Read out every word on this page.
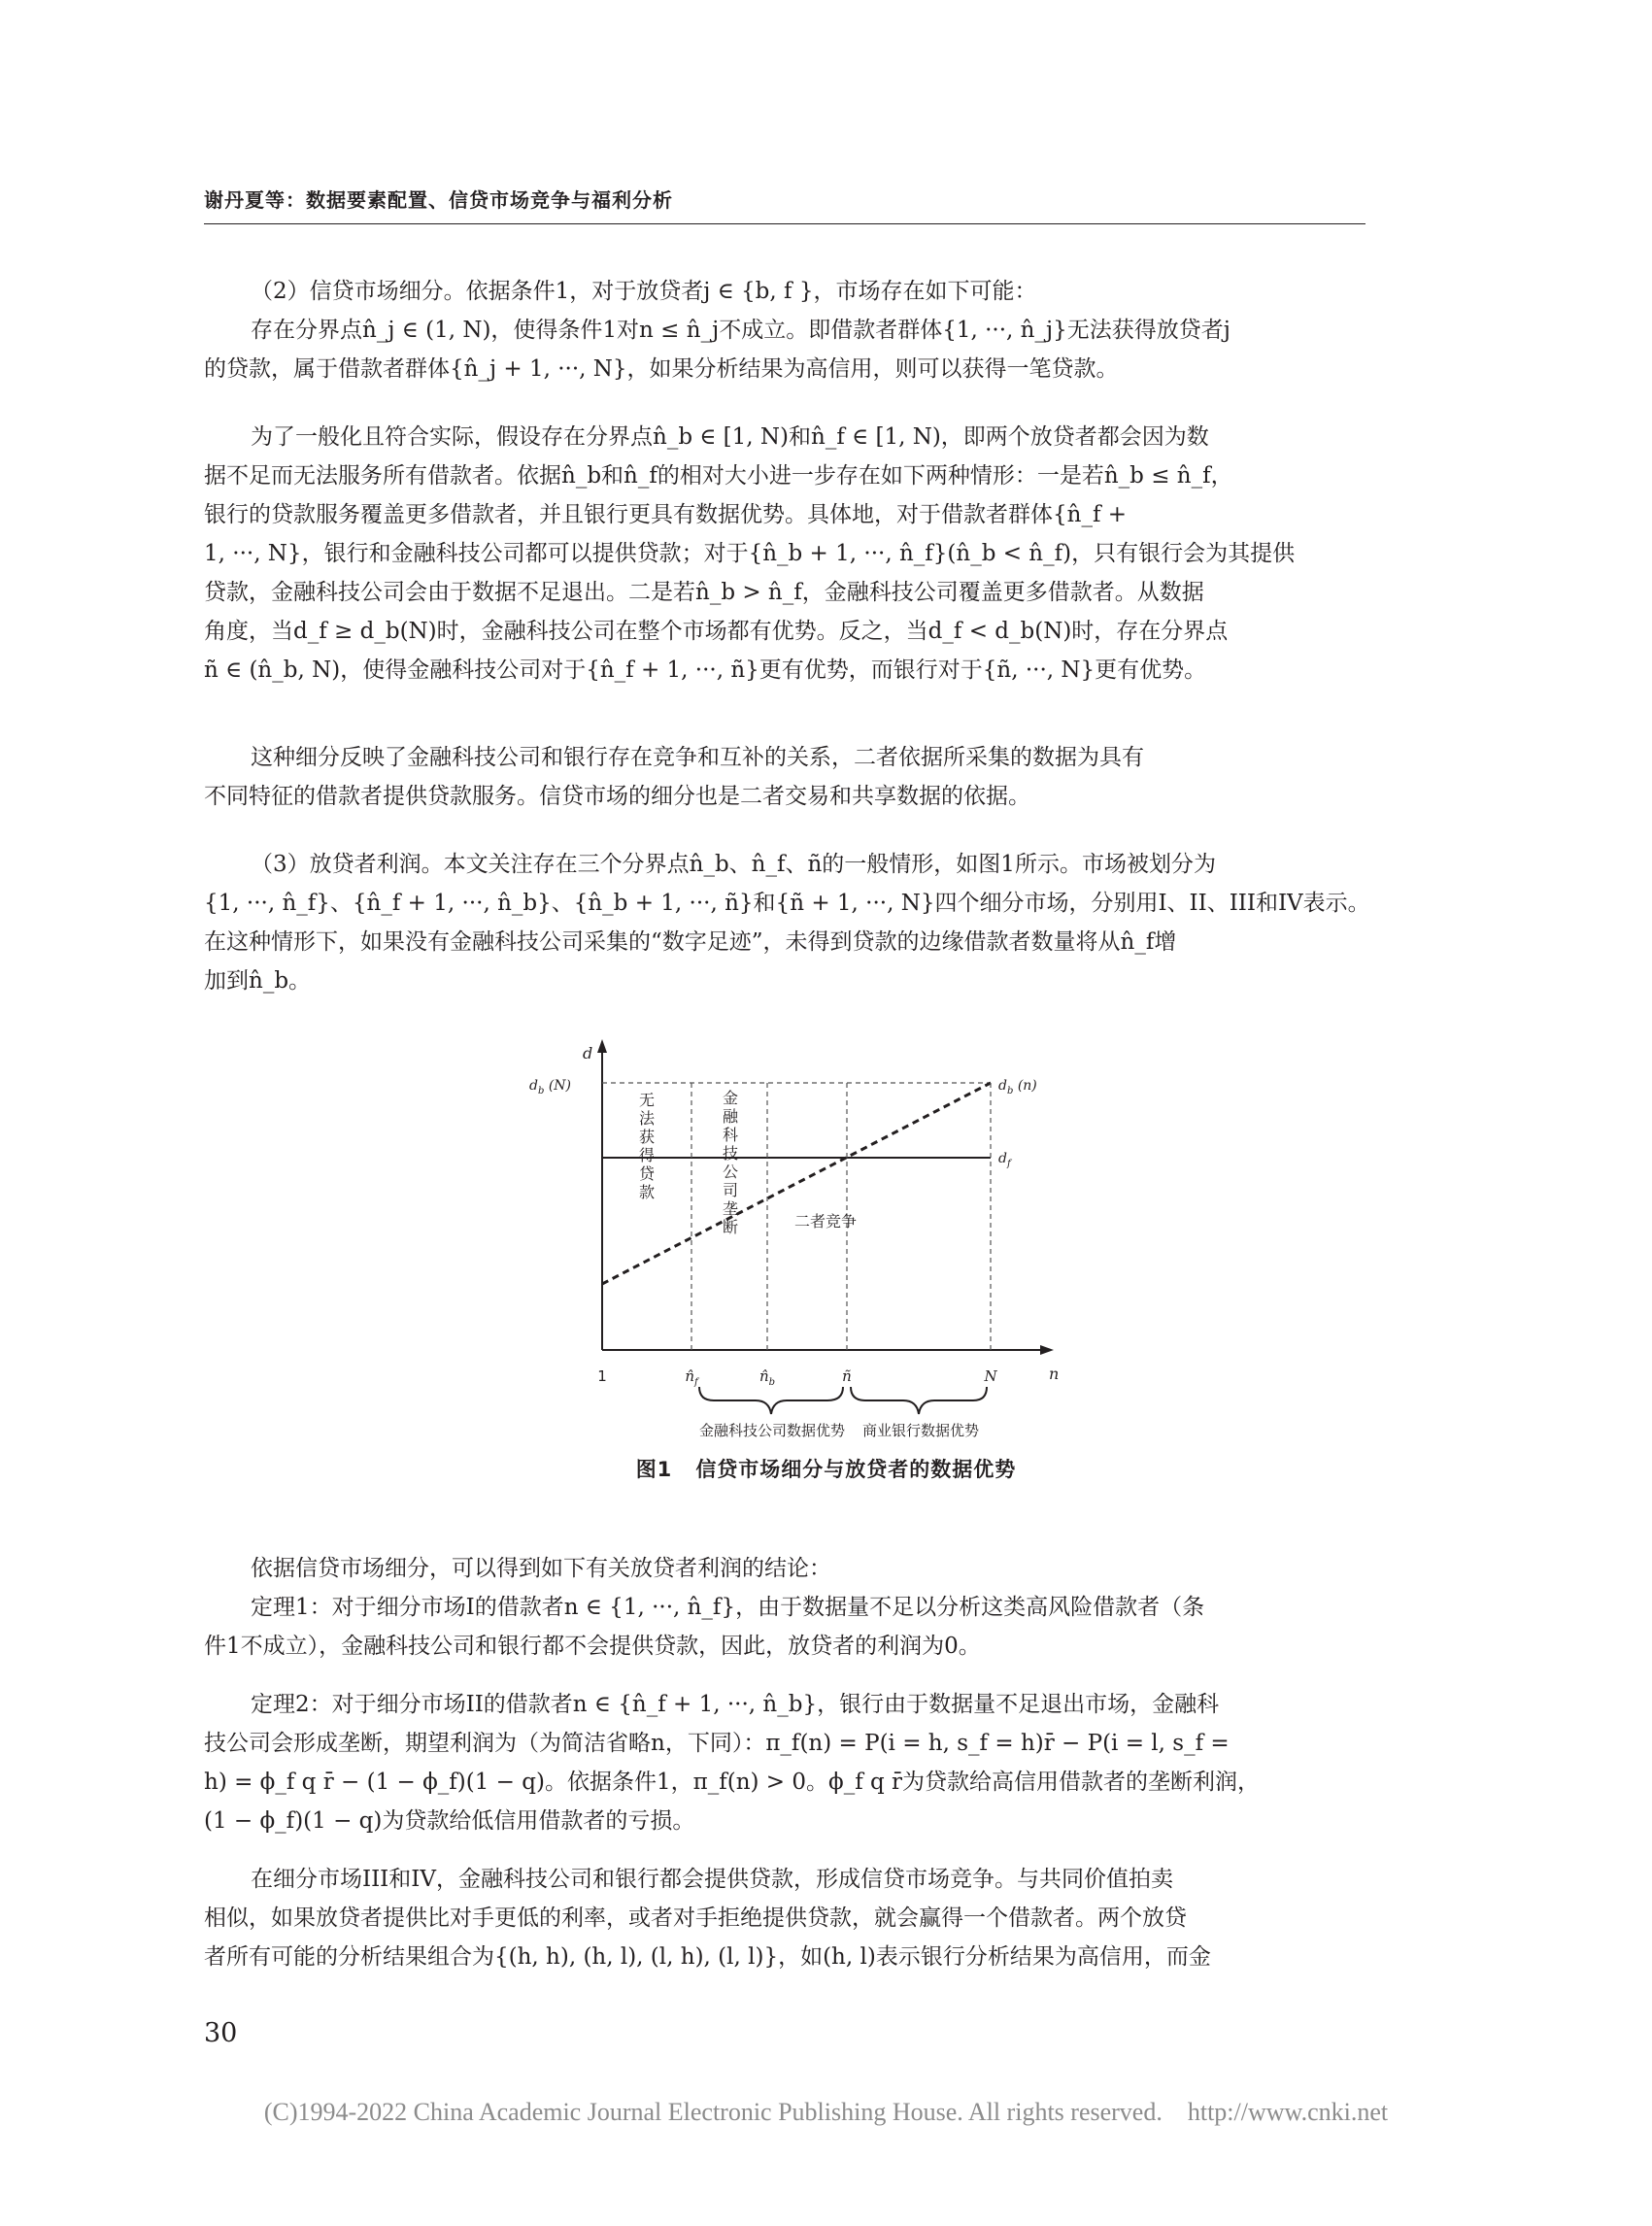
谢丹夏等：数据要素配置、信贷市场竞争与福利分析
（2）信贷市场细分。依据条件1，对于放贷者j ∈ {b, f }，市场存在如下可能：
存在分界点n̂_j ∈ (1, N)，使得条件1对n ≤ n̂_j不成立。即借款者群体{1, ···, n̂_j}无法获得放贷者j
的贷款，属于借款者群体{n̂_j + 1, ···, N}，如果分析结果为高信用，则可以获得一笔贷款。
为了一般化且符合实际，假设存在分界点n̂_b ∈ [1, N)和n̂_f ∈ [1, N)，即两个放贷者都会因为数
据不足而无法服务所有借款者。依据n̂_b和n̂_f的相对大小进一步存在如下两种情形：一是若n̂_b ≤ n̂_f，
银行的贷款服务覆盖更多借款者，并且银行更具有数据优势。具体地，对于借款者群体{n̂_f +
1, ···, N}，银行和金融科技公司都可以提供贷款；对于{n̂_b + 1, ···, n̂_f}(n̂_b < n̂_f)，只有银行会为其提供
贷款，金融科技公司会由于数据不足退出。二是若n̂_b > n̂_f，金融科技公司覆盖更多借款者。从数据
角度，当d_f ≥ d_b(N)时，金融科技公司在整个市场都有优势。反之，当d_f < d_b(N)时，存在分界点
ñ ∈ (n̂_b, N)，使得金融科技公司对于{n̂_f + 1, ···, ñ}更有优势，而银行对于{ñ, ···, N}更有优势。
这种细分反映了金融科技公司和银行存在竞争和互补的关系，二者依据所采集的数据为具有
不同特征的借款者提供贷款服务。信贷市场的细分也是二者交易和共享数据的依据。
（3）放贷者利润。本文关注存在三个分界点n̂_b、n̂_f、ñ的一般情形，如图1所示。市场被划分为
{1, ···, n̂_f}、{n̂_f + 1, ···, n̂_b}、{n̂_b + 1, ···, ñ}和{ñ + 1, ···, N}四个细分市场，分别用I、II、III和IV表示。
在这种情形下，如果没有金融科技公司采集的“数字足迹”，未得到贷款的边缘借款者数量将从n̂_f增
加到n̂_b。
依据信贷市场细分，可以得到如下有关放贷者利润的结论：
定理1：对于细分市场I的借款者n ∈ {1, ···, n̂_f}，由于数据量不足以分析这类高风险借款者（条
件1不成立），金融科技公司和银行都不会提供贷款，因此，放贷者的利润为0。
定理2：对于细分市场II的借款者n ∈ {n̂_f + 1, ···, n̂_b}，银行由于数据量不足退出市场，金融科
技公司会形成垄断，期望利润为（为简洁省略n，下同）：π_f(n) = P(i = h, s_f = h)r̄ − P(i = l, s_f =
h) = ϕ_f q r̄ − (1 − ϕ_f)(1 − q)。依据条件1，π_f(n) > 0。ϕ_f q r̄为贷款给高信用借款者的垄断利润，
(1 − ϕ_f)(1 − q)为贷款给低信用借款者的亏损。
在细分市场III和IV，金融科技公司和银行都会提供贷款，形成信贷市场竞争。与共同价值拍卖
相似，如果放贷者提供比对手更低的利率，或者对手拒绝提供贷款，就会赢得一个借款者。两个放贷
者所有可能的分析结果组合为{(h, h), (h, l), (l, h), (l, l)}，如(h, l)表示银行分析结果为高信用，而金
d
n
$d_b$ (N)	$d_b$ (n)
$d_f$
无法获得贷款
金融科技公司垄断	二者竞争
1	$n̂_f$	$n̂_b$	ñ	N
金融科技公司数据优势 商业银行数据优势
图1 信贷市场细分与放贷者的数据优势
30
(C)1994-2022 China Academic Journal Electronic Publishing House. All rights reserved. http://www.cnki.net
